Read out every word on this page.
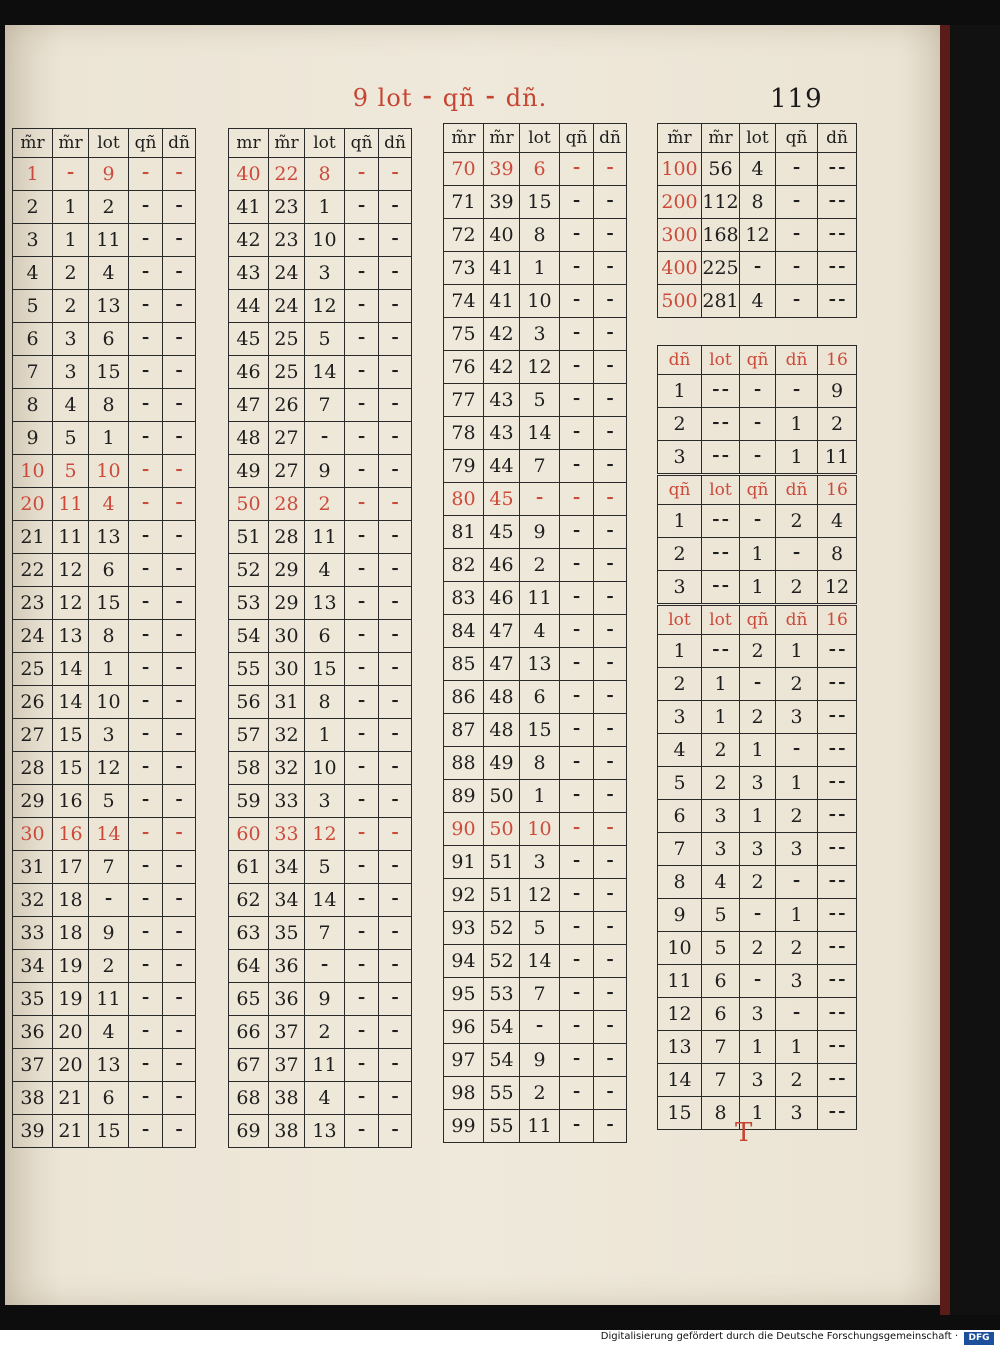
9 lot ⁃ qñ ⁃ dñ.	119
m̃r m̃r lot qñ dñ
1	⁃	9	⁃	⁃
2	1	2	⁃	⁃
3	1	11	⁃	⁃
4	2	4	⁃	⁃
5	2	13	⁃	⁃
6	3	6	⁃	⁃
7	3	15	⁃	⁃
8	4	8	⁃	⁃
9	5	1	⁃	⁃
10	5	10	⁃	⁃
20 11	4	⁃	⁃
21 11 13	⁃	⁃
22 12	6	⁃	⁃
23 12 15	⁃	⁃
24 13	8	⁃	⁃
25 14	1	⁃	⁃
26 14 10	⁃	⁃
27 15	3	⁃	⁃
28 15 12	⁃	⁃
29 16	5	⁃	⁃
30 16 14	⁃	⁃
31 17	7	⁃	⁃
32 18	⁃	⁃	⁃
33 18	9	⁃	⁃
34 19	2	⁃	⁃
35 19 11	⁃	⁃
36 20	4	⁃	⁃
37 20 13	⁃	⁃
38 21	6	⁃	⁃
39 21 15	⁃	⁃
mr m̃r lot qñ dñ
40 22	8	⁃	⁃
41 23	1	⁃	⁃
42 23 10	⁃	⁃
43 24	3	⁃	⁃
44 24 12	⁃	⁃
45 25	5	⁃	⁃
46 25 14	⁃	⁃
47 26	7	⁃	⁃
48 27	⁃	⁃	⁃
49 27	9	⁃	⁃
50 28	2	⁃	⁃
51 28 11	⁃	⁃
52 29	4	⁃	⁃
53 29 13	⁃	⁃
54 30	6	⁃	⁃
55 30 15	⁃	⁃
56 31	8	⁃	⁃
57 32	1	⁃	⁃
58 32 10	⁃	⁃
59 33	3	⁃	⁃
60 33 12	⁃	⁃
61 34	5	⁃	⁃
62 34 14	⁃	⁃
63 35	7	⁃	⁃
64 36	⁃	⁃	⁃
65 36	9	⁃	⁃
66 37	2	⁃	⁃
67 37 11	⁃	⁃
68 38	4	⁃	⁃
69 38 13	⁃	⁃
m̃r m̃r lot qñ dñ
70 39	6	⁃	⁃
71 39 15	⁃	⁃
72 40	8	⁃	⁃
73 41	1	⁃	⁃
74 41 10	⁃	⁃
75 42	3	⁃	⁃
76 42 12	⁃	⁃
77 43	5	⁃	⁃
78 43 14	⁃	⁃
79 44	7	⁃	⁃
80 45	⁃	⁃	⁃
81 45	9	⁃	⁃
82 46	2	⁃	⁃
83 46 11	⁃	⁃
84 47	4	⁃	⁃
85 47 13	⁃	⁃
86 48	6	⁃	⁃
87 48 15	⁃	⁃
88 49	8	⁃	⁃
89 50	1	⁃	⁃
90 50 10	⁃	⁃
91 51	3	⁃	⁃
92 51 12	⁃	⁃
93 52	5	⁃	⁃
94 52 14	⁃	⁃
95 53	7	⁃	⁃
96 54	⁃	⁃	⁃
97 54	9	⁃	⁃
98 55	2	⁃	⁃
99 55 11	⁃	⁃
m̃r m̃r lot qñ	dñ
100 56 4	⁃	⁃⁃
200 112 8	⁃	⁃⁃
300 168 12	⁃	⁃⁃
400 225 ⁃	⁃	⁃⁃
500 281 4	⁃	⁃⁃
dñ	lot qñ	dñ	16
1	⁃⁃	⁃	⁃	9
2	⁃⁃	⁃	1	2
3	⁃⁃	⁃	1	11
qñ	lot qñ	dñ	16
1	⁃⁃	⁃	2	4
2	⁃⁃	1	⁃	8
3	⁃⁃	1	2	12
lot	lot qñ	dñ	16
1	⁃⁃	2	1	⁃⁃
2	1	⁃	2	⁃⁃
3	1	2	3	⁃⁃
4	2	1	⁃	⁃⁃
5	2	3	1	⁃⁃
6	3	1	2	⁃⁃
7	3	3	3	⁃⁃
8	4	2	⁃	⁃⁃
9	5	⁃	1	⁃⁃
10	5	2	2	⁃⁃
11	6	⁃	3	⁃⁃
12	6	3	⁃	⁃⁃
13	7	1	1	⁃⁃
14	7	3	2	⁃⁃
15	8	1	3	⁃⁃
T
Digitalisierung gefördert durch die Deutsche Forschungsgemeinschaft ·	DFG
